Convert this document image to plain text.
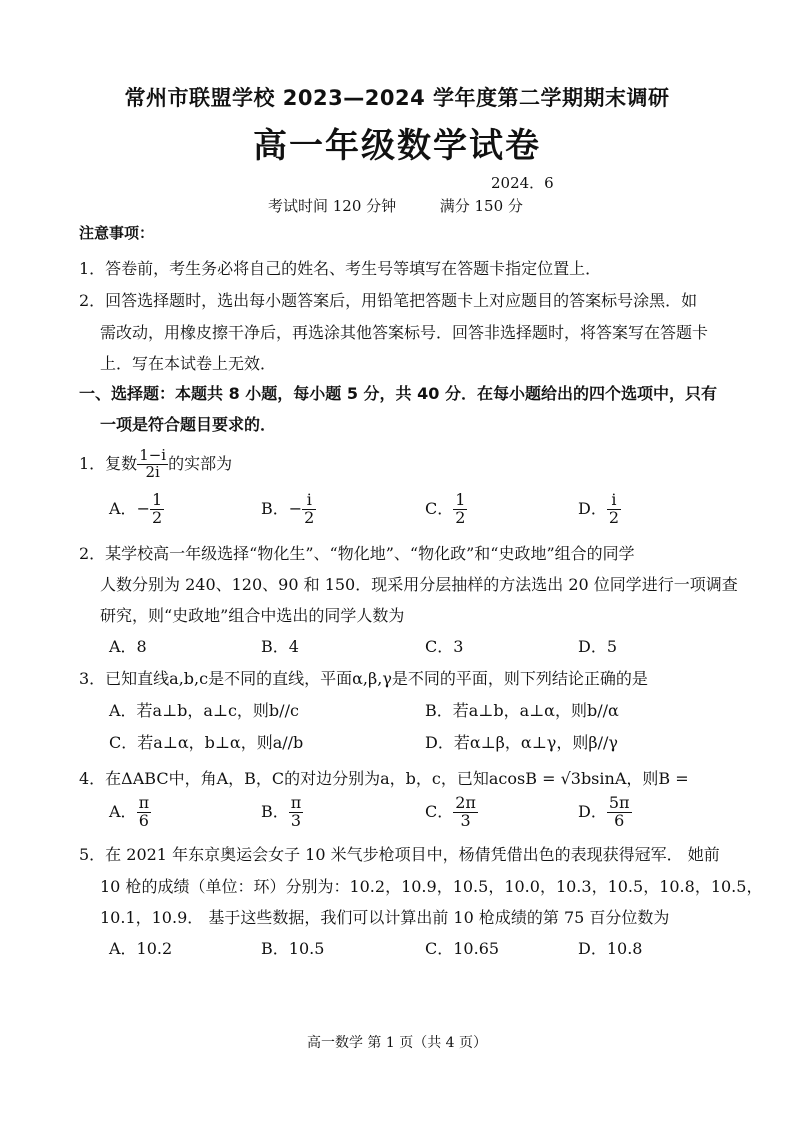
常州市联盟学校 2023—2024 学年度第二学期期末调研
高一年级数学试卷
2024．6
考试时间 120 分钟	满分 150 分
注意事项：
1．答卷前，考生务必将自己的姓名、考生号等填写在答题卡指定位置上．
2．回答选择题时，选出每小题答案后，用铅笔把答题卡上对应题目的答案标号涂黑．如
需改动，用橡皮擦干净后，再选涂其他答案标号．回答非选择题时，将答案写在答题卡
上．写在本试卷上无效．
一、选择题：本题共 8 小题，每小题 5 分，共 40 分．在每小题给出的四个选项中，只有
一项是符合题目要求的．
1．复数 $\frac{1-i}{2i}$ 的实部为
A．− $\frac{1}{2}$	B．− $\frac{i}{2}$	C． $\frac{1}{2}$	D． $\frac{i}{2}$
2．某学校高一年级选择“物化生”、“物化地”、“物化政”和“史政地”组合的同学
人数分别为 240、120、90 和 150．现采用分层抽样的方法选出 20 位同学进行一项调查
研究，则“史政地”组合中选出的同学人数为
A．8	B．4	C．3	D．5
3．已知直线a,b,c是不同的直线，平面α,β,γ是不同的平面，则下列结论正确的是
A．若a⊥b，a⊥c，则b//c	B．若a⊥b，a⊥α，则b//α
C．若a⊥α，b⊥α，则a//b	D．若α⊥β，α⊥γ，则β//γ
4．在ΔABC中，角A，B，C的对边分别为a，b，c，已知acosB = √3bsinA，则B =
A． $\frac{\pi}{6}$	B． $\frac{\pi}{3}$	C． $\frac{2\pi}{3}$	D． $\frac{5\pi}{6}$
5．在 2021 年东京奥运会女子 10 米气步枪项目中，杨倩凭借出色的表现获得冠军． 她前
10 枪的成绩（单位：环）分别为：10.2，10.9，10.5，10.0，10.3，10.5，10.8，10.5，
10.1，10.9． 基于这些数据，我们可以计算出前 10 枪成绩的第 75 百分位数为
A．10.2	B．10.5	C．10.65	D．10.8
高一数学 第 1 页（共 4 页）
